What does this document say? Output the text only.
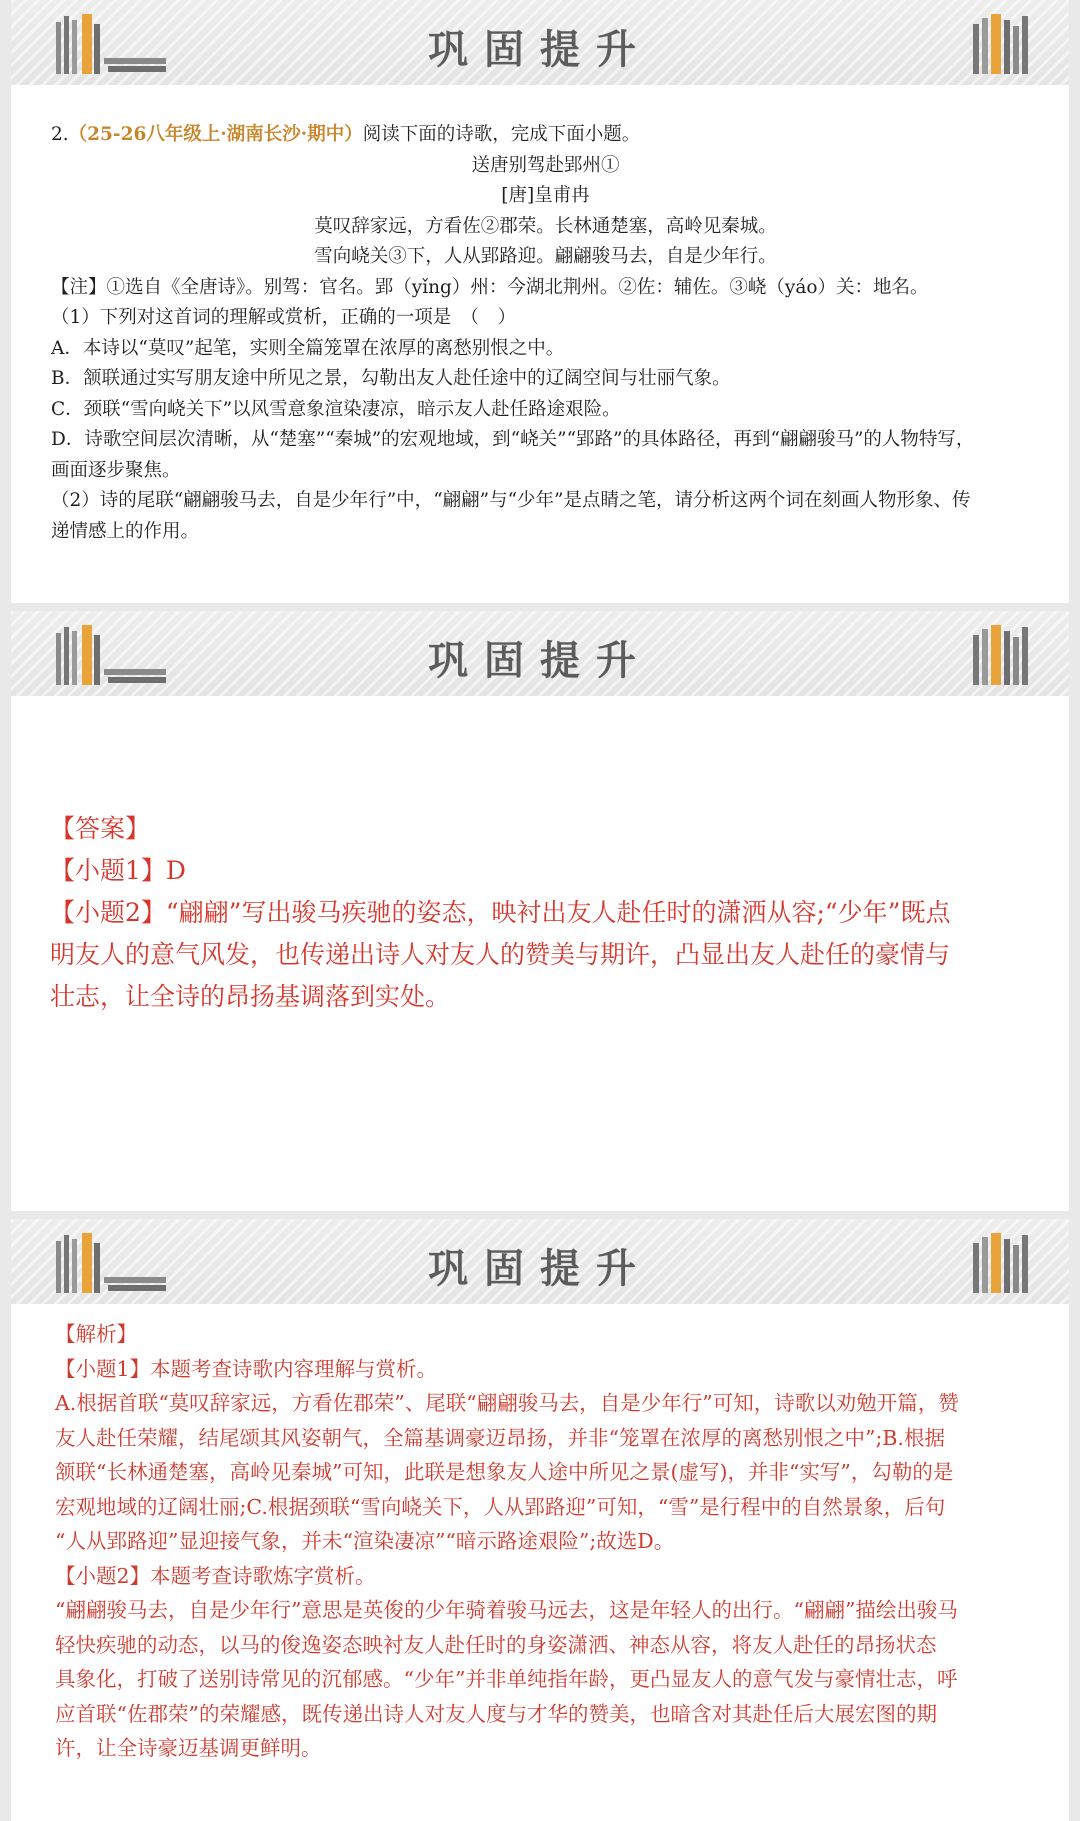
巩固提升
2.（25-26八年级上·湖南长沙·期中）阅读下面的诗歌，完成下面小题。
送唐别驾赴郢州①
[唐]皇甫冉
莫叹辞家远，方看佐②郡荣。长林通楚塞，高岭见秦城。
雪向峣关③下，人从郢路迎。翩翩骏马去，自是少年行。
【注】①选自《全唐诗》。别驾：官名。郢（yǐng）州：今湖北荆州。②佐：辅佐。③峣（yáo）关：地名。
（1）下列对这首词的理解或赏析，正确的一项是　（　）
A．本诗以“莫叹”起笔，实则全篇笼罩在浓厚的离愁别恨之中。
B．颔联通过实写朋友途中所见之景，勾勒出友人赴任途中的辽阔空间与壮丽气象。
C．颈联“雪向峣关下”以风雪意象渲染凄凉，暗示友人赴任路途艰险。
D．诗歌空间层次清晰，从“楚塞”“秦城”的宏观地域，到“峣关”“郢路”的具体路径，再到“翩翩骏马”的人物特写，
画面逐步聚焦。
（2）诗的尾联“翩翩骏马去，自是少年行”中，“翩翩”与“少年”是点睛之笔，请分析这两个词在刻画人物形象、传
递情感上的作用。
巩固提升
【答案】
【小题1】D
【小题2】“翩翩”写出骏马疾驰的姿态，映衬出友人赴任时的潇洒从容;“少年”既点
明友人的意气风发，也传递出诗人对友人的赞美与期许，凸显出友人赴任的豪情与
壮志，让全诗的昂扬基调落到实处。
巩固提升
【解析】
【小题1】本题考查诗歌内容理解与赏析。
A.根据首联“莫叹辞家远，方看佐郡荣”、尾联“翩翩骏马去，自是少年行”可知，诗歌以劝勉开篇，赞
友人赴任荣耀，结尾颂其风姿朝气，全篇基调豪迈昂扬，并非“笼罩在浓厚的离愁别恨之中”;B.根据
颔联“长林通楚塞，高岭见秦城”可知，此联是想象友人途中所见之景(虚写)，并非“实写”，勾勒的是
宏观地域的辽阔壮丽;C.根据颈联“雪向峣关下，人从郢路迎”可知，“雪”是行程中的自然景象，后句
“人从郢路迎”显迎接气象，并未“渲染凄凉”“暗示路途艰险”;故选D。
【小题2】本题考查诗歌炼字赏析。
“翩翩骏马去，自是少年行”意思是英俊的少年骑着骏马远去，这是年轻人的出行。“翩翩”描绘出骏马
轻快疾驰的动态，以马的俊逸姿态映衬友人赴任时的身姿潇洒、神态从容，将友人赴任的昂扬状态
具象化，打破了送别诗常见的沉郁感。“少年”并非单纯指年龄，更凸显友人的意气发与豪情壮志，呼
应首联“佐郡荣”的荣耀感，既传递出诗人对友人度与才华的赞美，也暗含对其赴任后大展宏图的期
许，让全诗豪迈基调更鲜明。
